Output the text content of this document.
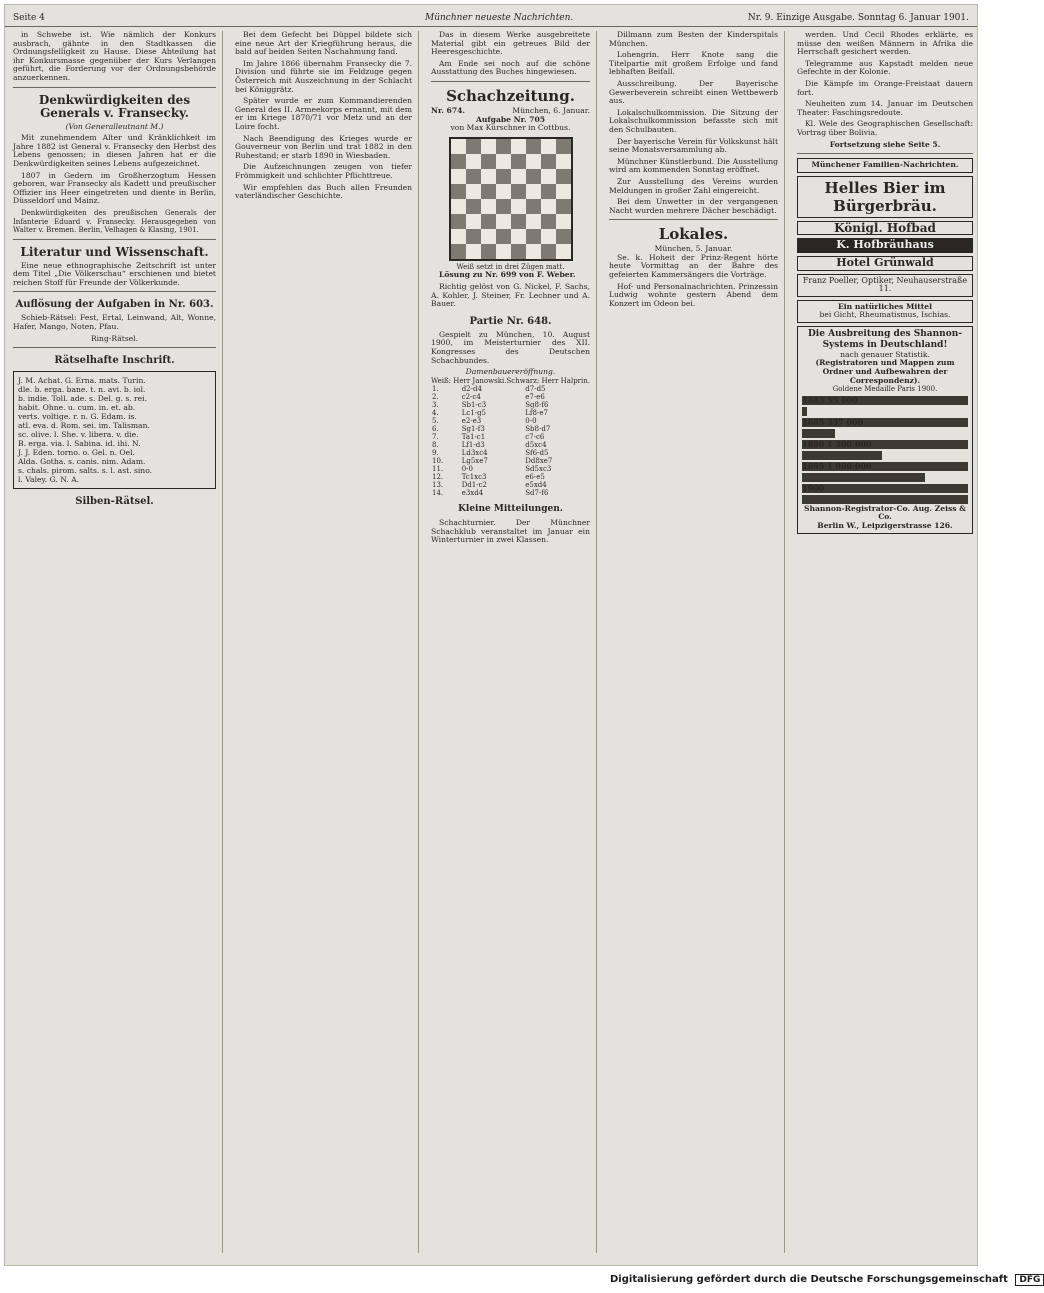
Seite 4	Münchner neueste Nachrichten.	Nr. 9. Einzige Ausgabe. Sonntag 6. Januar 1901.

in Schwebe ist. Wie nämlich der Konkurs ausbrach, gähnte in den Stadtkassen die Ordnungsfelligkeit zu Hause. Diese Abteilung hat ihr Konkursmasse gegenüber der Kurs Verlangen geführt, die Forderung vor der Ordnungsbehörde anzuerkennen.

Denkwürdigkeiten des Generals v. Fransecky.
(Von Generalleutnant M.)

Mit zunehmendem Alter und Kränklichkeit im Jahre 1882 ist General v. Fransecky den Herbst des Lebens genossen; in diesen Jahren hat er die Denkwürdigkeiten seines Lebens aufgezeichnet.

1807 in Gedern im Großherzogtum Hessen geboren, war Fransecky als Kadett und preußischer Offizier ins Heer eingetreten und diente in Berlin, Düsseldorf und Mainz.

Denkwürdigkeiten des preußischen Generals der Infanterie Eduard v. Fransecky. Herausgegeben von Walter v. Bremen. Berlin, Velhagen & Klasing, 1901.

Literatur und Wissenschaft.

Eine neue ethnographische Zeitschrift ist unter dem Titel „Die Völkerschau“ erschienen und bietet reichen Stoff für Freunde der Völkerkunde.

Auflösung der Aufgaben in Nr. 603.

Schieb-Rätsel: Fest, Ertal, Leinwand, Alt, Wonne, Hafer, Mango, Noten, Pfau.

Ring-Rätsel.
Rätselhafte Inschrift.
J. M. Achat. G. Erna. mats. Turin.
dle. b. erga. bane. t. n. avi. b. iol.
b. indie. Toll. ade. s. Del. g. s. rei.
habit. Ohne. u. cum. in. et. ab.
verts. voltige. r. n. G. Edam. is.
atl. eva. d. Rom. sei. im. Talisman.
sc. olive. l. She. v. libera. v. die.
B. erga. via. l. Sabina. id. ihi. N.
J. J. Eden. torno. o. Gel. n. Oel.
Alda. Gotha. s. canis. nim. Adam.
s. chals. pirom. salts. s. l. ast. sino.
l. Valey. G. N. A.
Silben-Rätsel.

Bei dem Gefecht bei Düppel bildete sich eine neue Art der Kriegführung heraus, die bald auf beiden Seiten Nachahmung fand.

Im Jahre 1866 übernahm Fransecky die 7. Division und führte sie im Feldzuge gegen Österreich mit Auszeichnung in der Schlacht bei Königgrätz.

Später wurde er zum Kommandierenden General des II. Armeekorps ernannt, mit dem er im Kriege 1870/71 vor Metz und an der Loire focht.

Nach Beendigung des Krieges wurde er Gouverneur von Berlin und trat 1882 in den Ruhestand; er starb 1890 in Wiesbaden.

Die Aufzeichnungen zeugen von tiefer Frömmigkeit und schlichter Pflichttreue.

Wir empfehlen das Buch allen Freunden vaterländischer Geschichte.

Das in diesem Werke ausgebreitete Material gibt ein getreues Bild der Heeresgeschichte.

Am Ende sei noch auf die schöne Ausstattung des Buches hingewiesen.

Schachzeitung.
Nr. 674.	München, 6. Januar.
Aufgabe Nr. 705
von Max Kürschner in Cottbus.
Weiß setzt in drei Zügen matt.

Lösung zu Nr. 699 von F. Weber.

Richtig gelöst von G. Nickel, F. Sachs, A. Kohler, J. Steiner, Fr. Lechner und A. Bauer.

Partie Nr. 648.

Gespielt zu München, 10. August 1900, im Meisterturnier des XII. Kongresses des Deutschen Schachbundes.

Damenbauereröffnung.
Weiß: Herr Janowski. Schwarz: Herr Halprin.
1.	d2-d4	d7-d5
2.	c2-c4	e7-e6
3.	Sb1-c3	Sg8-f6
4.	Lc1-g5	Lf8-e7
5.	e2-e3	0-0
6.	Sg1-f3	Sb8-d7
7.	Ta1-c1	c7-c6
8.	Lf1-d3	d5xc4
9.	Ld3xc4	Sf6-d5
10.	Lg5xe7	Dd8xe7
11.	0-0	Sd5xc3
12.	Tc1xc3	e6-e5
13.	Dd1-c2	e5xd4
14.	e3xd4	Sd7-f6
Kleine Mitteilungen.

Schachturnier. Der Münchner Schachklub veranstaltet im Januar ein Winterturnier in zwei Klassen.

Dillmann zum Besten der Kinderspitals München.

Lohengrin. Herr Knote sang die Titelpartie mit großem Erfolge und fand lebhaften Beifall.

Ausschreibung. Der Bayerische Gewerbeverein schreibt einen Wettbewerb aus.

Lokalschulkommission. Die Sitzung der Lokalschulkommission befasste sich mit den Schulbauten.

Der bayerische Verein für Volkskunst hält seine Monatsversammlung ab.

Münchner Künstlerbund. Die Ausstellung wird am kommenden Sonntag eröffnet.

Zur Ausstellung des Vereins wurden Meldungen in großer Zahl eingereicht.

Bei dem Unwetter in der vergangenen Nacht wurden mehrere Dächer beschädigt.

Lokales.
München, 5. Januar.

Se. k. Hoheit der Prinz-Regent hörte heute Vormittag an der Bahre des gefeierten Kammersängers die Vorträge.

Hof- und Personalnachrichten. Prinzessin Ludwig wohnte gestern Abend dem Konzert im Odeon bei.

werden. Und Cecil Rhodes erklärte, es müsse den weißen Männern in Afrika die Herrschaft gesichert werden.

Telegramme aus Kapstadt melden neue Gefechte in der Kolonie.

Die Kämpfe im Orange-Freistaat dauern fort.

Neuheiten zum 14. Januar im Deutschen Theater: Faschingsredoute.

Kl. Wele des Geographischen Gesellschaft: Vortrag über Bolivia.

Fortsetzung siehe Seite 5.
Münchener Familien-Nachrichten.
Helles Bier im Bürgerbräu.
Königl. Hofbad
K. Hofbräuhaus
Hotel Grünwald
Franz Poeller, Optiker, Neuhauserstraße 11.
Ein natürliches Mittel
bei Gicht, Rheumatismus, Ischias.
Die Ausbreitung des Shannon-Systems in Deutschland!
nach genauer Statistik.
(Registratoren und Mappen zum Ordner und Aufbewahren der Correspondenz).
Goldene Medaille Paris 1900.
1883 55 000
1885 337 000
1890 1 200 000
1895 1 900 000
1900
Shannon-Registrator-Co. Aug. Zeiss & Co.
Berlin W., Leipzigerstrasse 126.
Digitalisierung gefördert durch die Deutsche Forschungsgemeinschaft DFG
